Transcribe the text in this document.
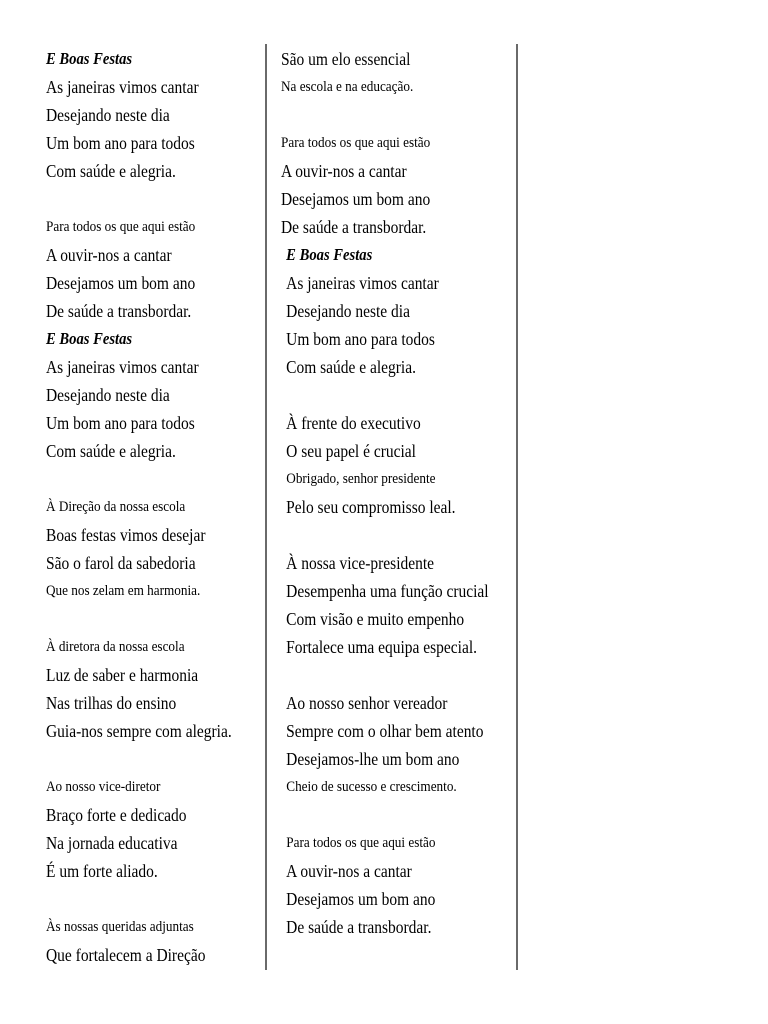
E Boas Festas
As janeiras vimos cantar
Desejando neste dia
Um bom ano para todos
Com saúde e alegria.
Para todos os que aqui estão
A ouvir-nos a cantar
Desejamos um bom ano
De saúde a transbordar.
E Boas Festas
As janeiras vimos cantar
Desejando neste dia
Um bom ano para todos
Com saúde e alegria.
À Direção da nossa escola
Boas festas vimos desejar
São o farol da sabedoria
Que nos zelam em harmonia.
À diretora da nossa escola
Luz de saber e harmonia
Nas trilhas do ensino
Guia-nos sempre com alegria.
Ao nosso vice-diretor
Braço forte e dedicado
Na jornada educativa
É um forte aliado.
Às nossas queridas adjuntas
Que fortalecem a Direção
São um elo essencial
Na escola e na educação.
Para todos os que aqui estão
A ouvir-nos a cantar
Desejamos um bom ano
De saúde a transbordar.
E Boas Festas
As janeiras vimos cantar
Desejando neste dia
Um bom ano para todos
Com saúde e alegria.
À frente do executivo
O seu papel é crucial
Obrigado, senhor presidente
Pelo seu compromisso leal.
À nossa vice-presidente
Desempenha uma função crucial
Com visão e muito empenho
Fortalece uma equipa especial.
Ao nosso senhor vereador
Sempre com o olhar bem atento
Desejamos-lhe um bom ano
Cheio de sucesso e crescimento.
Para todos os que aqui estão
A ouvir-nos a cantar
Desejamos um bom ano
De saúde a transbordar.
